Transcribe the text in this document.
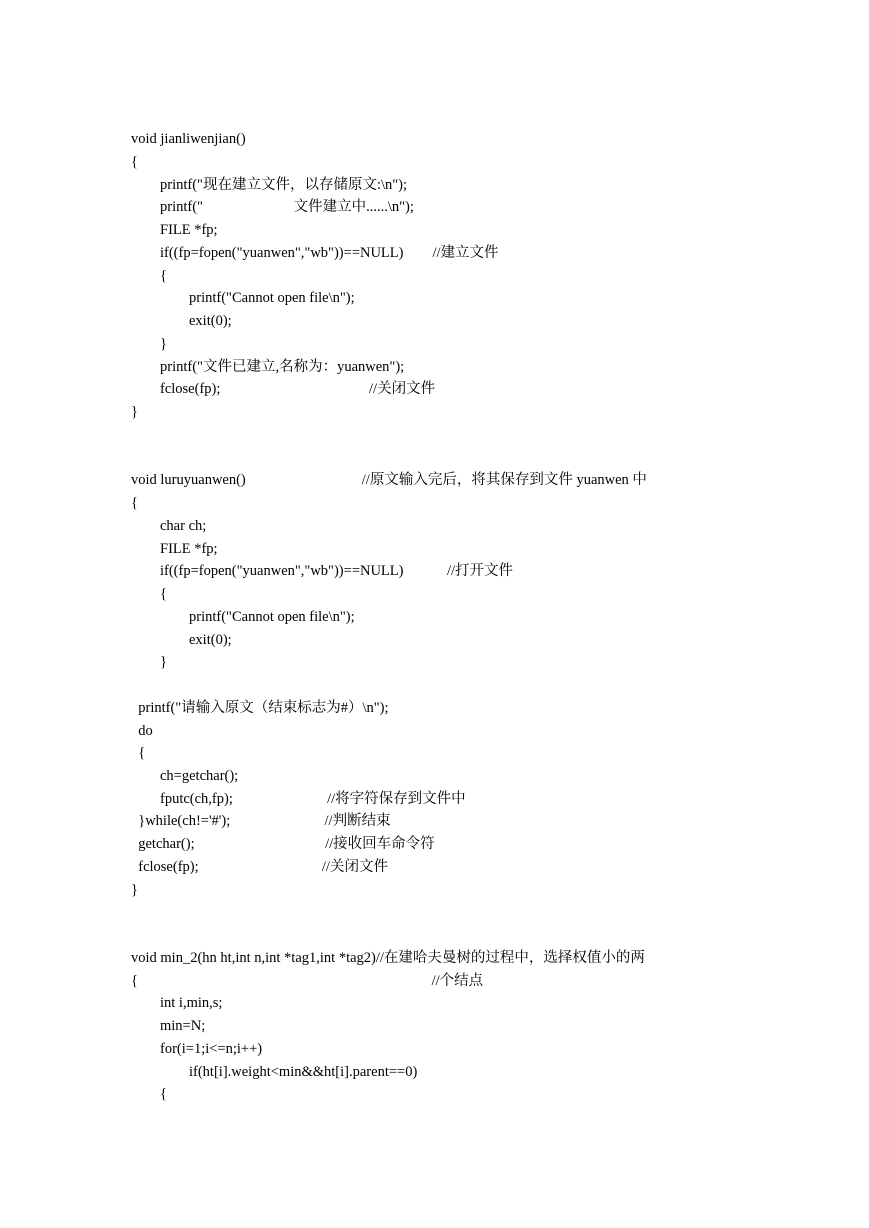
void jianliwenjian()
{
printf("现在建立文件，以存储原文:\n");
printf("                         文件建立中......\n");
FILE *fp;
if((fp=fopen("yuanwen","wb"))==NULL)        //建立文件
{
printf("Cannot open file\n");
exit(0);
}
printf("文件已建立,名称为：yuanwen");
fclose(fp);                                         //关闭文件
}
void luruyuanwen()                                //原文输入完后，将其保存到文件 yuanwen 中
{
char ch;
FILE *fp;
if((fp=fopen("yuanwen","wb"))==NULL)            //打开文件
{
printf("Cannot open file\n");
exit(0);
}
printf("请输入原文（结束标志为#）\n");
do
{
ch=getchar();
fputc(ch,fp);                          //将字符保存到文件中
}while(ch!='#');                          //判断结束
getchar();                                    //接收回车命令符
fclose(fp);                                  //关闭文件
}
void min_2(hn ht,int n,int *tag1,int *tag2)//在建哈夫曼树的过程中，选择权值小的两
{                                                                                 //个结点
int i,min,s;
min=N;
for(i=1;i<=n;i++)
if(ht[i].weight<min&&ht[i].parent==0)
{
